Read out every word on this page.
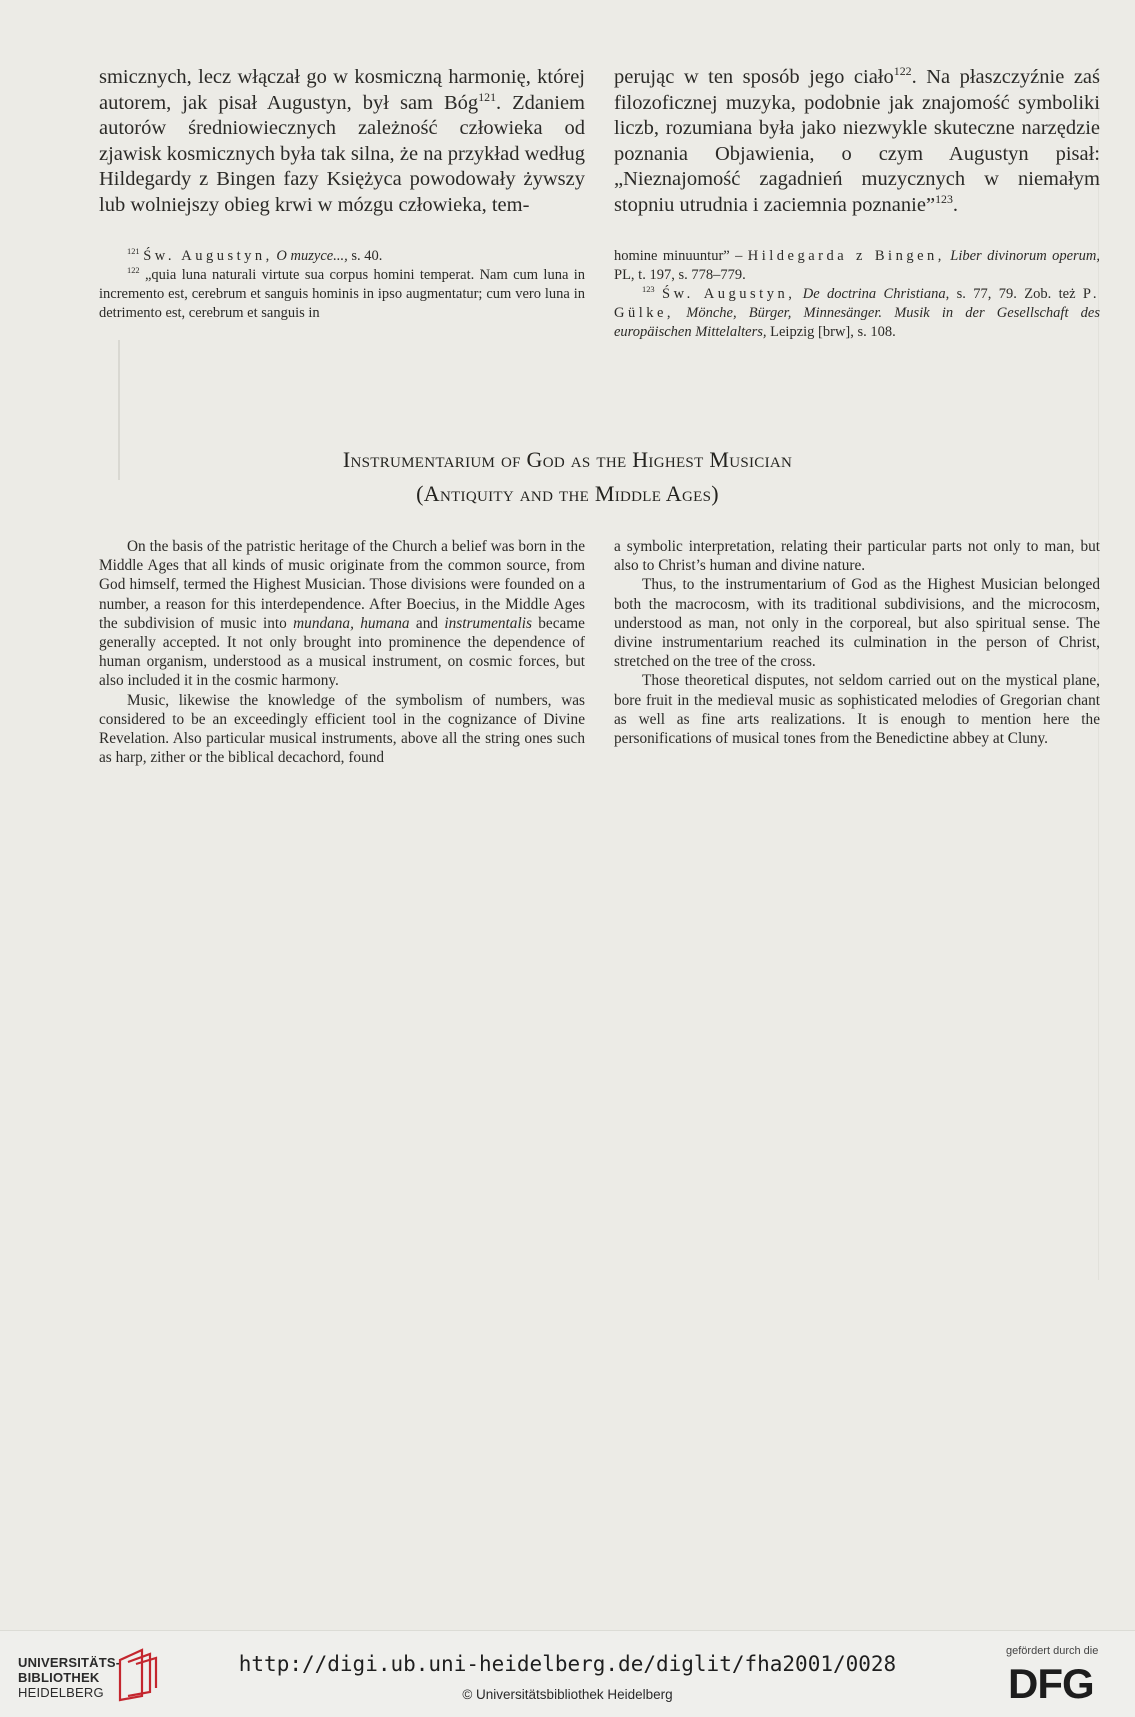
smicznych, lecz włączał go w kosmiczną harmonię, której autorem, jak pisał Augustyn, był sam Bóg$^{121}$. Zdaniem autorów średniowiecznych zależność człowieka od zjawisk kosmicznych była tak silna, że na przykład według Hildegardy z Bingen fazy Księżyca powodowały żywszy lub wolniejszy obieg krwi w mózgu człowieka, tem-

perując w ten sposób jego ciało$^{122}$. Na płaszczyźnie zaś filozoficznej muzyka, podobnie jak znajomość symboliki liczb, rozumiana była jako niezwykle skuteczne narzędzie poznania Objawienia, o czym Augustyn pisał: „Nieznajomość zagadnień muzycznych w niemałym stopniu utrudnia i zaciemnia poznanie”$^{123}$.

$^{121}$ Św. Augustyn, O muzyce..., s. 40.

$^{122}$ „quia luna naturali virtute sua corpus homini temperat. Nam cum luna in incremento est, cerebrum et sanguis hominis in ipso augmentatur; cum vero luna in detrimento est, cerebrum et sanguis in

homine minuuntur” – Hildegarda z Bingen, Liber divinorum operum, PL, t. 197, s. 778–779.

$^{123}$ Św. Augustyn, De doctrina Christiana, s. 77, 79. Zob. też P. Gülke, Mönche, Bürger, Minnesänger. Musik in der Gesellschaft des europäischen Mittelalters, Leipzig [brw], s. 108.

Instrumentarium of God as the Highest Musician
(Antiquity and the Middle Ages)

On the basis of the patristic heritage of the Church a belief was born in the Middle Ages that all kinds of music originate from the common source, from God himself, termed the Highest Musician. Those divisions were founded on a number, a reason for this interdependence. After Boecius, in the Middle Ages the subdivision of music into mundana, humana and instrumentalis became generally accepted. It not only brought into prominence the dependence of human organism, understood as a musical instrument, on cosmic forces, but also included it in the cosmic harmony.

Music, likewise the knowledge of the symbolism of numbers, was considered to be an exceedingly efficient tool in the cognizance of Divine Revelation. Also particular musical instruments, above all the string ones such as harp, zither or the biblical decachord, found

a symbolic interpretation, relating their particular parts not only to man, but also to Christ’s human and divine nature.

Thus, to the instrumentarium of God as the Highest Musician belonged both the macrocosm, with its traditional subdivisions, and the microcosm, understood as man, not only in the corporeal, but also spiritual sense. The divine instrumentarium reached its culmination in the person of Christ, stretched on the tree of the cross.

Those theoretical disputes, not seldom carried out on the mystical plane, bore fruit in the medieval music as sophisticated melodies of Gregorian chant as well as fine arts realizations. It is enough to mention here the personifications of musical tones from the Benedictine abbey at Cluny.

UNIVERSITÄTS-
BIBLIOTHEK
HEIDELBERG
http://digi.ub.uni-heidelberg.de/diglit/fha2001/0028
© Universitätsbibliothek Heidelberg
gefördert durch die
DFG
